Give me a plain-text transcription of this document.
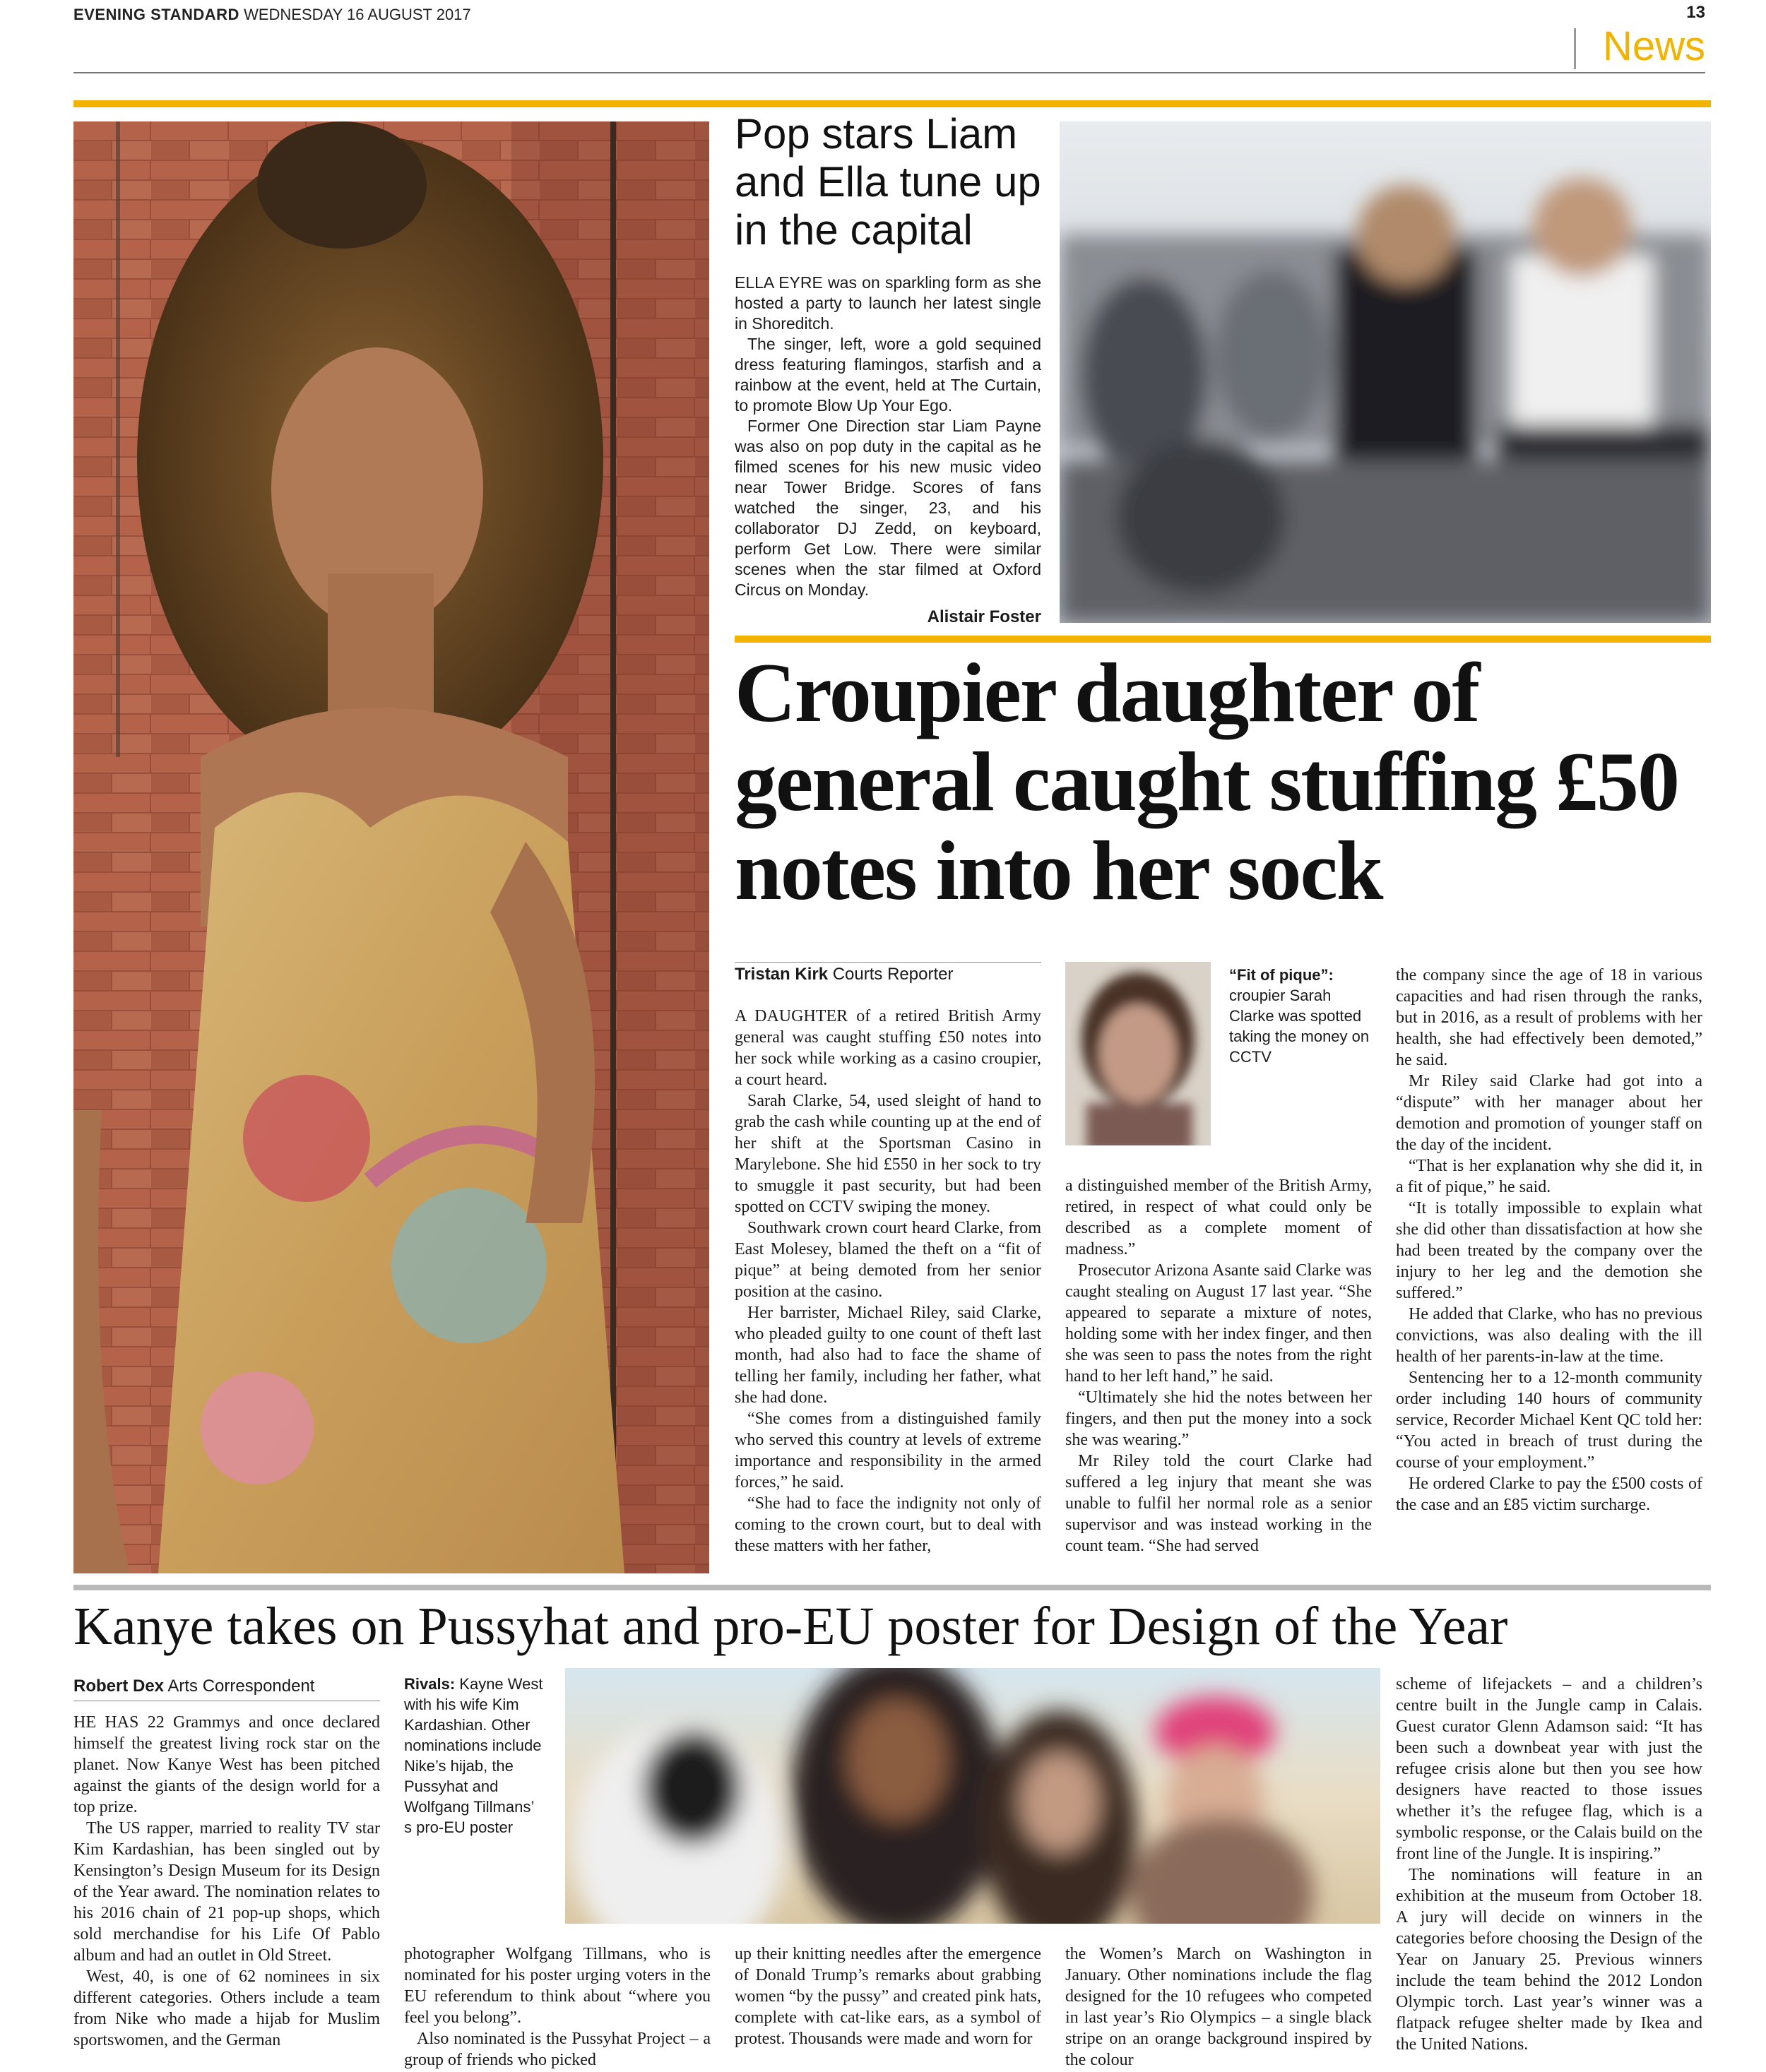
EVENING STANDARD WEDNESDAY 16 AUGUST 2017	13
News
Pop stars Liam and Ella tune up in the capital

ELLA EYRE was on sparkling form as she hosted a party to launch her latest single in Shoreditch.

The singer, left, wore a gold sequined dress featuring flamingos, starfish and a rainbow at the event, held at The Curtain, to promote Blow Up Your Ego.

Former One Direction star Liam Payne was also on pop duty in the capital as he filmed scenes for his new music video near Tower Bridge. Scores of fans watched the singer, 23, and his collaborator DJ Zedd, on keyboard, perform Get Low. There were similar scenes when the star filmed at Oxford Circus on Monday.

Alistair Foster
Croupier daughter of general caught stuffing £50 notes into her sock
Tristan Kirk Courts Reporter

A DAUGHTER of a retired British Army general was caught stuffing £50 notes into her sock while working as a casino croupier, a court heard.

Sarah Clarke, 54, used sleight of hand to grab the cash while counting up at the end of her shift at the Sportsman Casino in Marylebone. She hid £550 in her sock to try to smuggle it past security, but had been spotted on CCTV swiping the money.

Southwark crown court heard Clarke, from East Molesey, blamed the theft on a “fit of pique” at being demoted from her senior position at the casino.

Her barrister, Michael Riley, said Clarke, who pleaded guilty to one count of theft last month, had also had to face the shame of telling her family, including her father, what she had done.

“She comes from a distinguished family who served this country at levels of extreme importance and responsibility in the armed forces,” he said.

“She had to face the indignity not only of coming to the crown court, but to deal with these matters with her father,

“Fit of pique”: croupier Sarah Clarke was spotted taking the money on CCTV

a distinguished member of the British Army, retired, in respect of what could only be described as a complete moment of madness.”

Prosecutor Arizona Asante said Clarke was caught stealing on August 17 last year. “She appeared to separate a mixture of notes, holding some with her index finger, and then she was seen to pass the notes from the right hand to her left hand,” he said.

“Ultimately she hid the notes between her fingers, and then put the money into a sock she was wearing.”

Mr Riley told the court Clarke had suffered a leg injury that meant she was unable to fulfil her normal role as a senior supervisor and was instead working in the count team. “She had served

the company since the age of 18 in various capacities and had risen through the ranks, but in 2016, as a result of problems with her health, she had effectively been demoted,” he said.

Mr Riley said Clarke had got into a “dispute” with her manager about her demotion and promotion of younger staff on the day of the incident.

“That is her explanation why she did it, in a fit of pique,” he said.

“It is totally impossible to explain what she did other than dissatisfaction at how she had been treated by the company over the injury to her leg and the demotion she suffered.”

He added that Clarke, who has no previous convictions, was also dealing with the ill health of her parents-in-law at the time.

Sentencing her to a 12-month community order including 140 hours of community service, Recorder Michael Kent QC told her: “You acted in breach of trust during the course of your employment.”

He ordered Clarke to pay the £500 costs of the case and an £85 victim surcharge.

Kanye takes on Pussyhat and pro-EU poster for Design of the Year
Robert Dex Arts Correspondent

HE HAS 22 Grammys and once declared himself the greatest living rock star on the planet. Now Kanye West has been pitched against the giants of the design world for a top prize.

The US rapper, married to reality TV star Kim Kardashian, has been singled out by Kensington’s Design Museum for its Design of the Year award. The nomination relates to his 2016 chain of 21 pop-up shops, which sold merchandise for his Life Of Pablo album and had an outlet in Old Street.

West, 40, is one of 62 nominees in six different categories. Others include a team from Nike who made a hijab for Muslim sportswomen, and the German

Rivals: Kayne West with his wife Kim Kardashian. Other nominations include Nike’s hijab, the Pussyhat and Wolfgang Tillmans’ s pro-EU poster

photographer Wolfgang Tillmans, who is nominated for his poster urging voters in the EU referendum to think about “where you feel you belong”.

Also nominated is the Pussyhat Project – a group of friends who picked

up their knitting needles after the emergence of Donald Trump’s remarks about grabbing women “by the pussy” and created pink hats, complete with cat-like ears, as a symbol of protest. Thousands were made and worn for

the Women’s March on Washington in January. Other nominations include the flag designed for the 10 refugees who competed in last year’s Rio Olympics – a single black stripe on an orange background inspired by the colour

scheme of lifejackets – and a children’s centre built in the Jungle camp in Calais. Guest curator Glenn Adamson said: “It has been such a downbeat year with just the refugee crisis alone but then you see how designers have reacted to those issues whether it’s the refugee flag, which is a symbolic response, or the Calais build on the front line of the Jungle. It is inspiring.”

The nominations will feature in an exhibition at the museum from October 18. A jury will decide on winners in the categories before choosing the Design of the Year on January 25. Previous winners include the team behind the 2012 London Olympic torch. Last year’s winner was a flatpack refugee shelter made by Ikea and the United Nations.
